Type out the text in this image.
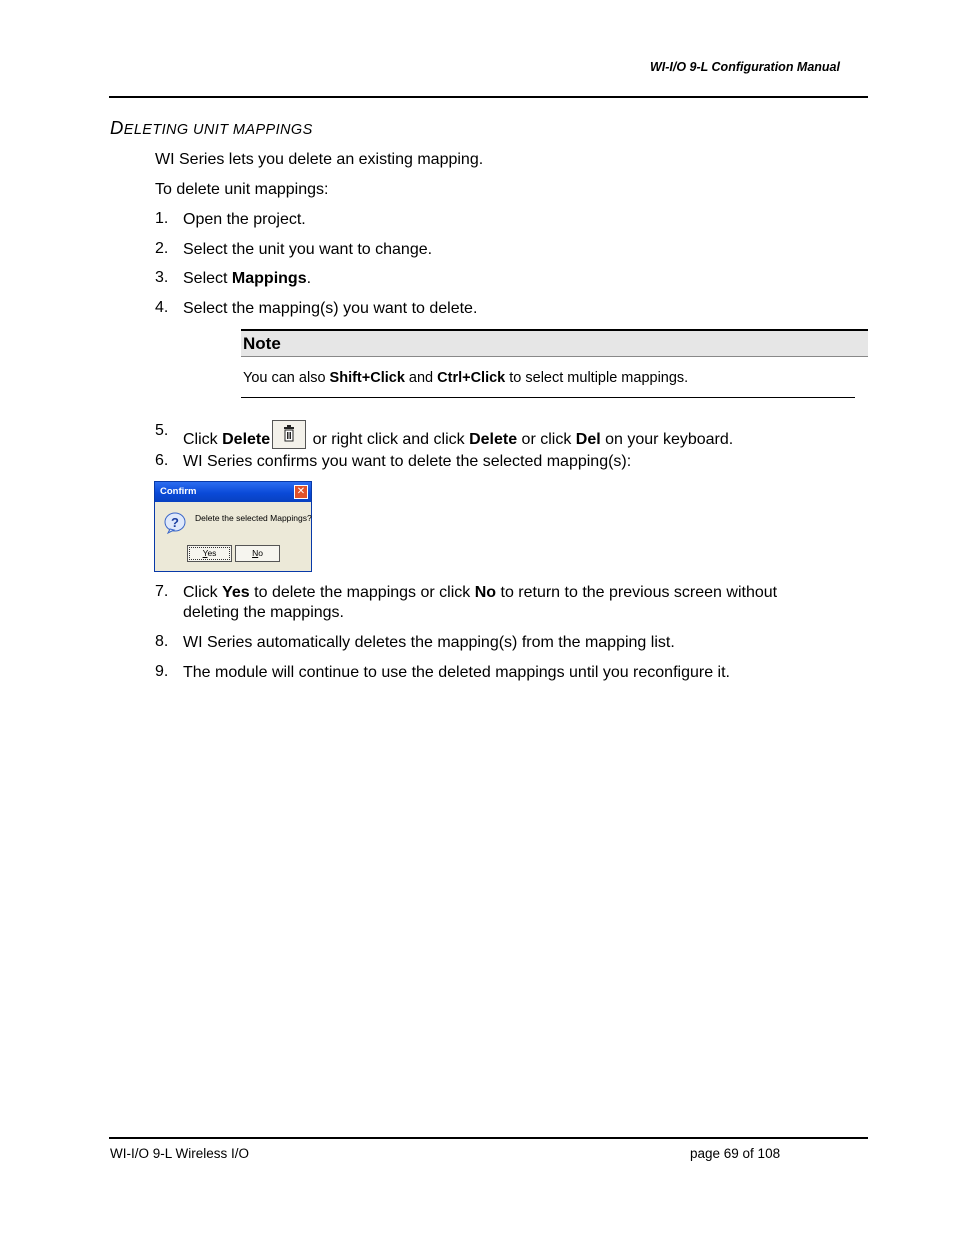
WI-I/O 9-L Configuration Manual
DELETING UNIT MAPPINGS
WI Series lets you delete an existing mapping.
To delete unit mappings:
1. Open the project.
2. Select the unit you want to change.
3. Select Mappings.
4. Select the mapping(s) you want to delete.
Note
You can also Shift+Click and Ctrl+Click to select multiple mappings.
5.
Click Delete or right click and click Delete or click Del on your keyboard.
6. WI Series confirms you want to delete the selected mapping(s):
Confirm	✕
? Delete the selected Mappings?
Yes	No
7. Click Yes to delete the mappings or click No to return to the previous screen without
deleting the mappings.
8. WI Series automatically deletes the mapping(s) from the mapping list.
9. The module will continue to use the deleted mappings until you reconfigure it.
WI-I/O 9-L Wireless I/O	page 69 of 108
